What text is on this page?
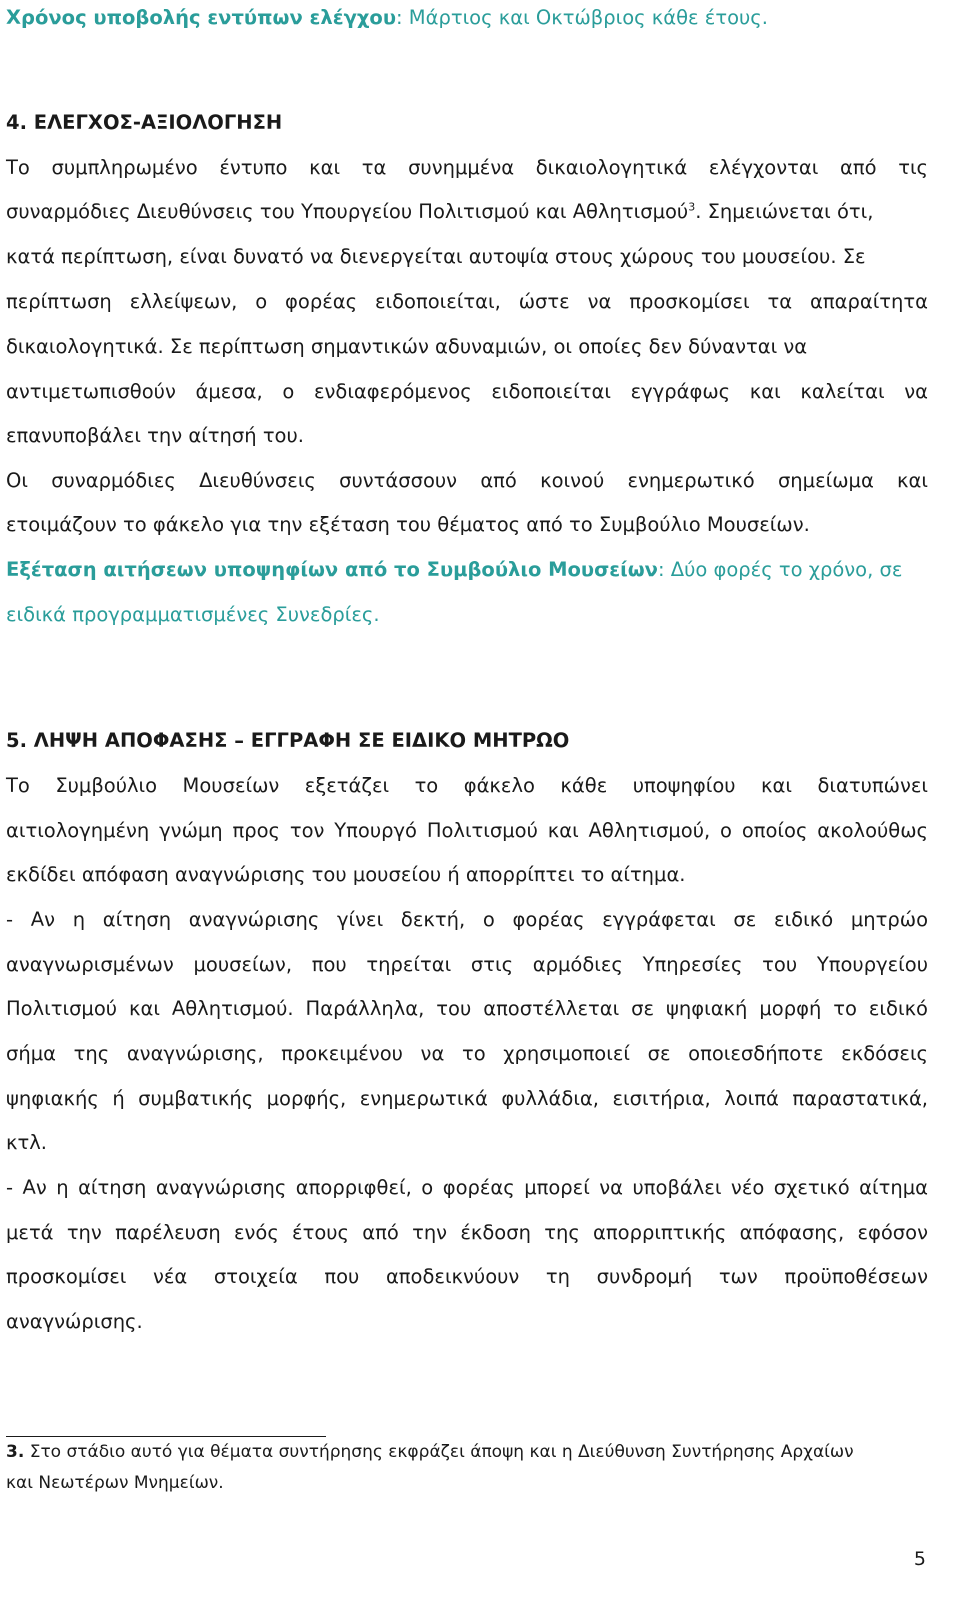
Χρόνος υποβολής εντύπων ελέγχου: Μάρτιος και Οκτώβριος κάθε έτους.
4. ΕΛΕΓΧΟΣ-ΑΞΙΟΛΟΓΗΣΗ
Το συμπληρωμένο έντυπο και τα συνημμένα δικαιολογητικά ελέγχονται από τις
συναρμόδιες Διευθύνσεις του Υπουργείου Πολιτισμού και Αθλητισμού$^3$. Σημειώνεται ότι,
κατά περίπτωση, είναι δυνατό να διενεργείται αυτοψία στους χώρους του μουσείου. Σε
περίπτωση ελλείψεων, ο φορέας ειδοποιείται, ώστε να προσκομίσει τα απαραίτητα
δικαιολογητικά. Σε περίπτωση σημαντικών αδυναμιών, οι οποίες δεν δύνανται να
αντιμετωπισθούν άμεσα, ο ενδιαφερόμενος ειδοποιείται εγγράφως και καλείται να
επανυποβάλει την αίτησή του.
Οι συναρμόδιες Διευθύνσεις συντάσσουν από κοινού ενημερωτικό σημείωμα και
ετοιμάζουν το φάκελο για την εξέταση του θέματος από το Συμβούλιο Μουσείων.
Εξέταση αιτήσεων υποψηφίων από το Συμβούλιο Μουσείων: Δύο φορές το χρόνο, σε
ειδικά προγραμματισμένες Συνεδρίες.
5. ΛΗΨΗ ΑΠΟΦΑΣΗΣ – ΕΓΓΡΑΦΗ ΣΕ ΕΙΔΙΚΟ ΜΗΤΡΩΟ
Το Συμβούλιο Μουσείων εξετάζει το φάκελο κάθε υποψηφίου και διατυπώνει
αιτιολογημένη γνώμη προς τον Υπουργό Πολιτισμού και Αθλητισμού, ο οποίος ακολούθως
εκδίδει απόφαση αναγνώρισης του μουσείου ή απορρίπτει το αίτημα.
- Αν η αίτηση αναγνώρισης γίνει δεκτή, ο φορέας εγγράφεται σε ειδικό μητρώο
αναγνωρισμένων μουσείων, που τηρείται στις αρμόδιες Υπηρεσίες του Υπουργείου
Πολιτισμού και Αθλητισμού. Παράλληλα, του αποστέλλεται σε ψηφιακή μορφή το ειδικό
σήμα της αναγνώρισης, προκειμένου να το χρησιμοποιεί σε οποιεσδήποτε εκδόσεις
ψηφιακής ή συμβατικής μορφής, ενημερωτικά φυλλάδια, εισιτήρια, λοιπά παραστατικά,
κτλ.
- Αν η αίτηση αναγνώρισης απορριφθεί, ο φορέας μπορεί να υποβάλει νέο σχετικό αίτημα
μετά την παρέλευση ενός έτους από την έκδοση της απορριπτικής απόφασης, εφόσον
προσκομίσει νέα στοιχεία που αποδεικνύουν τη συνδρομή των προϋποθέσεων
αναγνώρισης.
3. Στο στάδιο αυτό για θέματα συντήρησης εκφράζει άποψη και η Διεύθυνση Συντήρησης Αρχαίων
και Νεωτέρων Μνημείων.
5
